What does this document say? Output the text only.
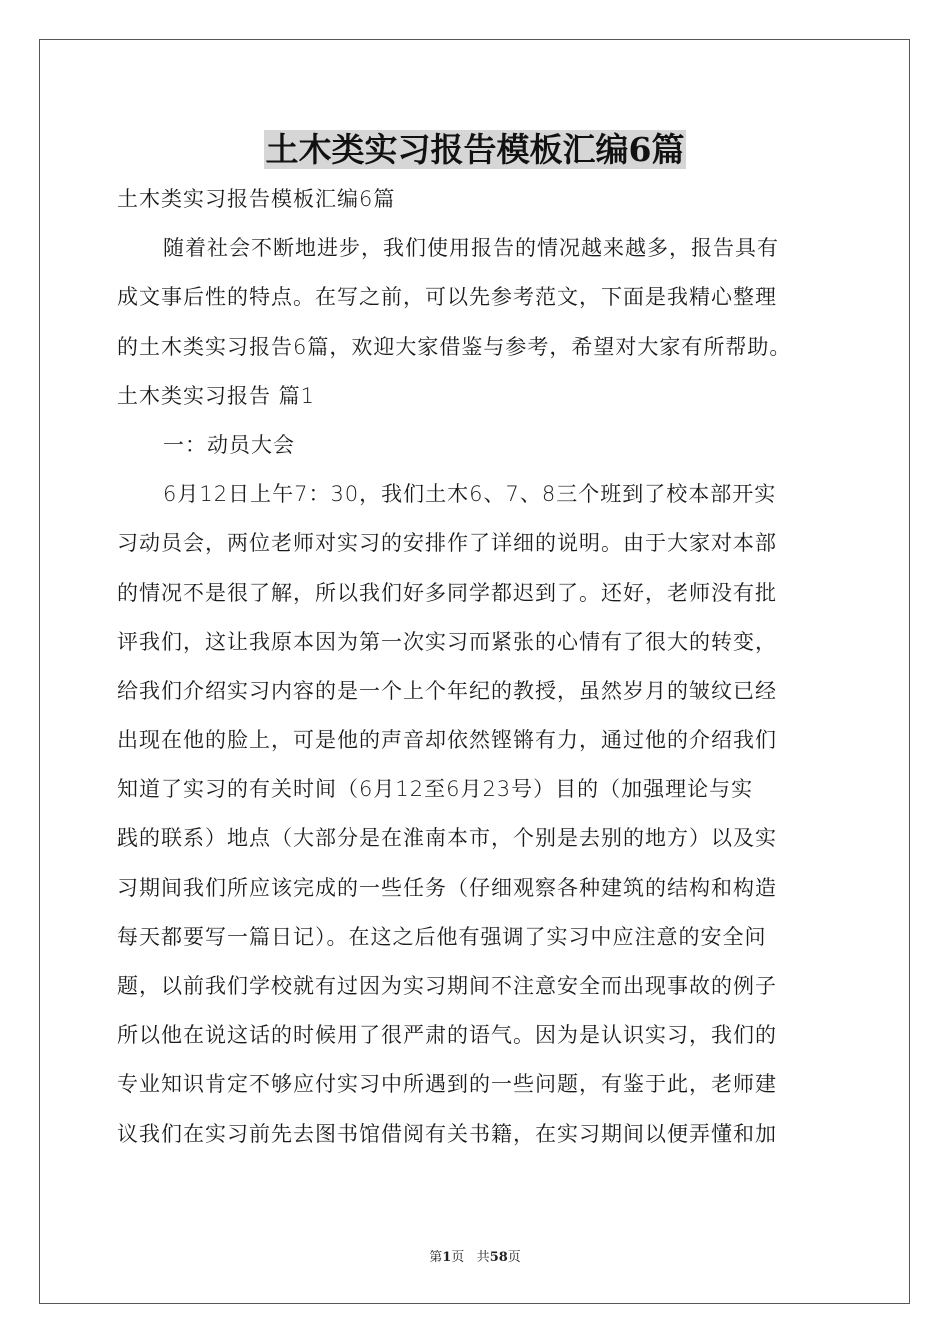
土木类实习报告模板汇编6篇
土木类实习报告模板汇编6篇
随着社会不断地进步，我们使用报告的情况越来越多，报告具有
成文事后性的特点。在写之前，可以先参考范文，下面是我精心整理
的土木类实习报告6篇，欢迎大家借鉴与参考，希望对大家有所帮助。
土木类实习报告 篇1
一：动员大会
6月12日上午7：30，我们土木6、7、8三个班到了校本部开实
习动员会，两位老师对实习的安排作了详细的说明。由于大家对本部
的情况不是很了解，所以我们好多同学都迟到了。还好，老师没有批
评我们，这让我原本因为第一次实习而紧张的心情有了很大的转变，
给我们介绍实习内容的是一个上个年纪的教授，虽然岁月的皱纹已经
出现在他的脸上，可是他的声音却依然铿锵有力，通过他的介绍我们
知道了实习的有关时间（6月12至6月23号）目的（加强理论与实
践的联系）地点（大部分是在淮南本市，个别是去别的地方）以及实
习期间我们所应该完成的一些任务（仔细观察各种建筑的结构和构造
每天都要写一篇日记）。在这之后他有强调了实习中应注意的安全问
题，以前我们学校就有过因为实习期间不注意安全而出现事故的例子
所以他在说这话的时候用了很严肃的语气。因为是认识实习，我们的
专业知识肯定不够应付实习中所遇到的一些问题，有鉴于此，老师建
议我们在实习前先去图书馆借阅有关书籍，在实习期间以便弄懂和加
第1页 共58页
